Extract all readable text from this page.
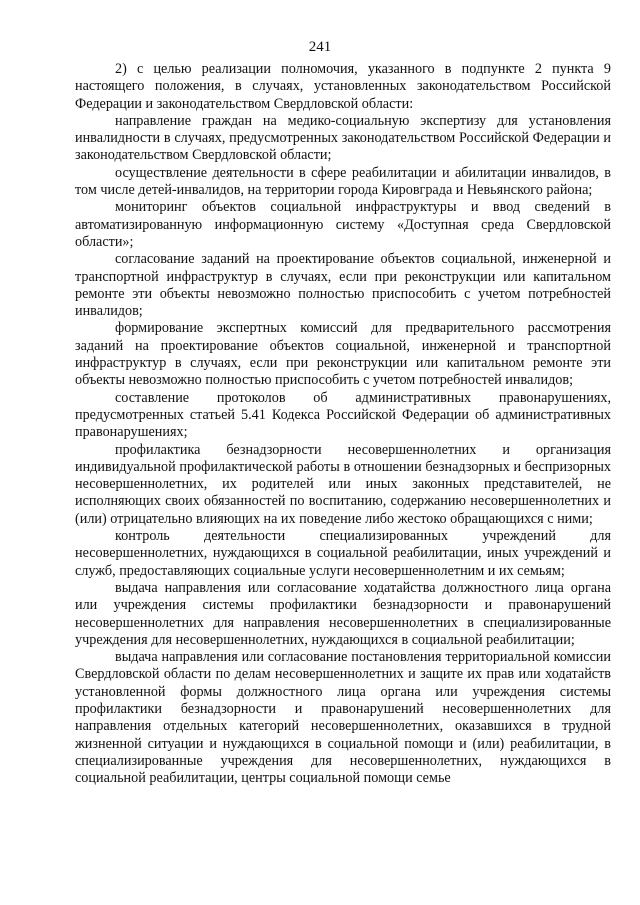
241

2) с целью реализации полномочия, указанного в подпункте 2 пункта 9 настоящего положения, в случаях, установленных законодательством Российской Федерации и законодательством Свердловской области:

направление граждан на медико-социальную экспертизу для установления инвалидности в случаях, предусмотренных законодательством Российской Федерации и законодательством Свердловской области;

осуществление деятельности в сфере реабилитации и абилитации инвалидов, в том числе детей-инвалидов, на территории города Кировграда и Невьянского района;

мониторинг объектов социальной инфраструктуры и ввод сведений в автоматизированную информационную систему «Доступная среда Свердловской области»;

согласование заданий на проектирование объектов социальной, инженерной и транспортной инфраструктур в случаях, если при реконструкции или капитальном ремонте эти объекты невозможно полностью приспособить с учетом потребностей инвалидов;

формирование экспертных комиссий для предварительного рассмотрения заданий на проектирование объектов социальной, инженерной и транспортной инфраструктур в случаях, если при реконструкции или капитальном ремонте эти объекты невозможно полностью приспособить с учетом потребностей инвалидов;

составление протоколов об административных правонарушениях, предусмотренных статьей 5.41 Кодекса Российской Федерации об административных правонарушениях;

профилактика безнадзорности несовершеннолетних и организация индивидуальной профилактической работы в отношении безнадзорных и беспризорных несовершеннолетних, их родителей или иных законных представителей, не исполняющих своих обязанностей по воспитанию, содержанию несовершеннолетних и (или) отрицательно влияющих на их поведение либо жестоко обращающихся с ними;

контроль деятельности специализированных учреждений для несовершеннолетних, нуждающихся в социальной реабилитации, иных учреждений и служб, предоставляющих социальные услуги несовершеннолетним и их семьям;

выдача направления или согласование ходатайства должностного лица органа или учреждения системы профилактики безнадзорности и правонарушений несовершеннолетних для направления несовершеннолетних в специализированные учреждения для несовершеннолетних, нуждающихся в социальной реабилитации;

выдача направления или согласование постановления территориальной комиссии Свердловской области по делам несовершеннолетних и защите их прав или ходатайств установленной формы должностного лица органа или учреждения системы профилактики безнадзорности и правонарушений несовершеннолетних для направления отдельных категорий несовершеннолетних, оказавшихся в трудной жизненной ситуации и нуждающихся в социальной помощи и (или) реабилитации, в специализированные учреждения для несовершеннолетних, нуждающихся в социальной реабилитации, центры социальной помощи семье
